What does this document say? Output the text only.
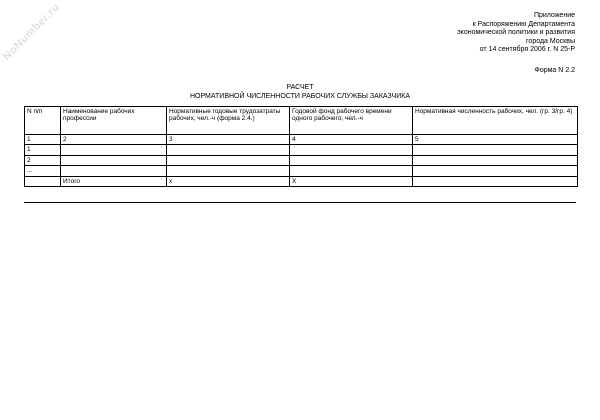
NoNumber.ru	Приложение
к Распоряжению Департамента
экономической политики и развития
города Москвы
от 14 сентября 2006 г. N 25-Р
Форма N 2.2
РАСЧЕТ
НОРМАТИВНОЙ ЧИСЛЕННОСТИ РАБОЧИХ СЛУЖБЫ ЗАКАЗЧИКА
N п/п	Наименование рабочих профессии	Нормативные годовые трудозатраты рабочих, чел.-ч (форма 2.4.)	Годовой фонд рабочего времени одного рабочего, чел.-ч	Нормативная численность рабочих, чел. (гр. 3/гр. 4)
1	2	3	4	5
1				
2				
...				
	Итого	х	Х	
